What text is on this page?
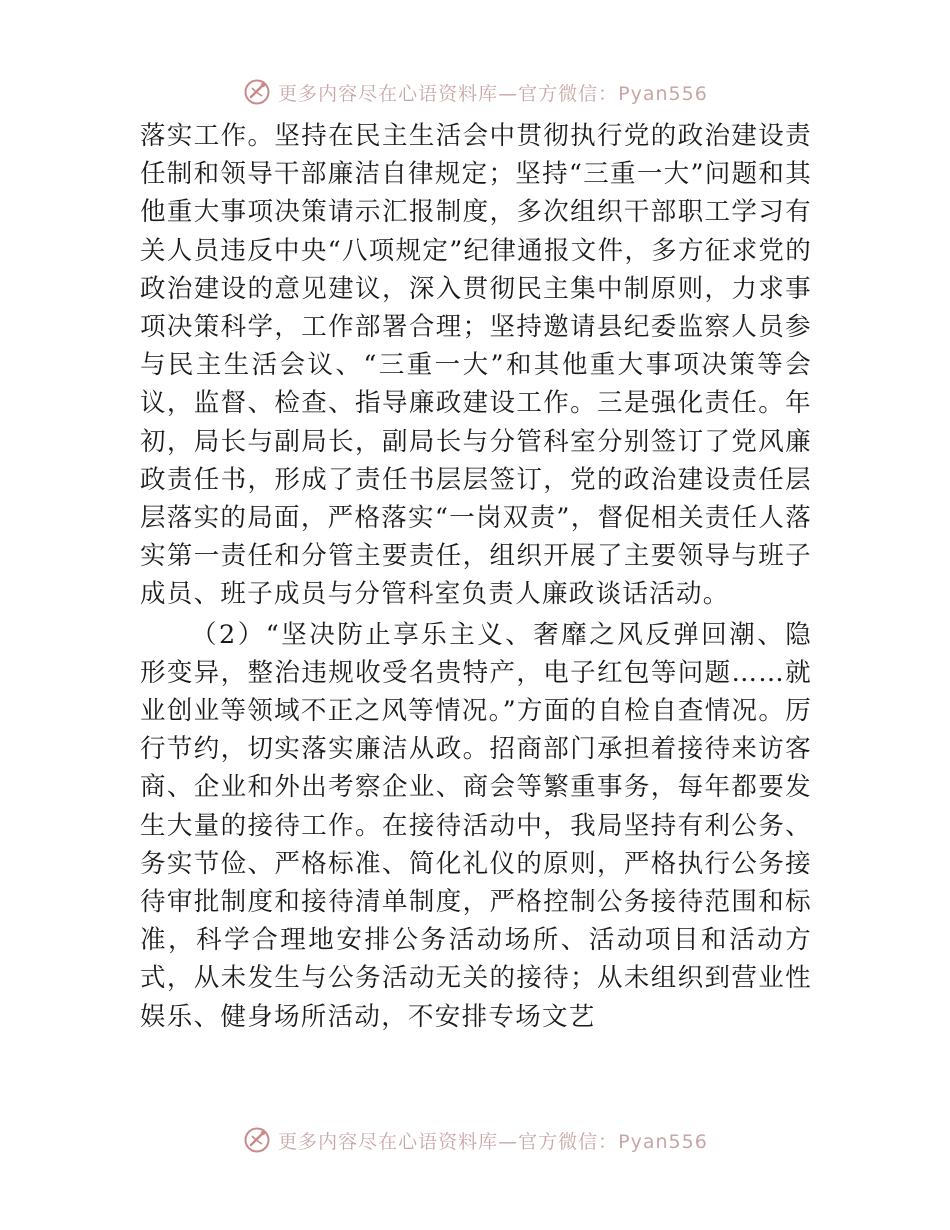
更多内容尽在心语资料库—官方微信：Pyan556

落实工作。坚持在民主生活会中贯彻执行党的政治建设责任制和领导干部廉洁自律规定；坚持“三重一大”问题和其他重大事项决策请示汇报制度，多次组织干部职工学习有关人员违反中央“八项规定”纪律通报文件，多方征求党的政治建设的意见建议，深入贯彻民主集中制原则，力求事项决策科学，工作部署合理；坚持邀请县纪委监察人员参与民主生活会议、“三重一大”和其他重大事项决策等会议，监督、检查、指导廉政建设工作。三是强化责任。年初，局长与副局长，副局长与分管科室分别签订了党风廉政责任书，形成了责任书层层签订，党的政治建设责任层层落实的局面，严格落实“一岗双责”，督促相关责任人落实第一责任和分管主要责任，组织开展了主要领导与班子成员、班子成员与分管科室负责人廉政谈话活动。

（2）“坚决防止享乐主义、奢靡之风反弹回潮、隐形变异，整治违规收受名贵特产，电子红包等问题……就业创业等领域不正之风等情况。”方面的自检自查情况。厉行节约，切实落实廉洁从政。招商部门承担着接待来访客商、企业和外出考察企业、商会等繁重事务，每年都要发生大量的接待工作。在接待活动中，我局坚持有利公务、务实节俭、严格标准、简化礼仪的原则，严格执行公务接待审批制度和接待清单制度，严格控制公务接待范围和标准，科学合理地安排公务活动场所、活动项目和活动方式，从未发生与公务活动无关的接待；从未组织到营业性娱乐、健身场所活动，不安排专场文艺

更多内容尽在心语资料库—官方微信：Pyan556
